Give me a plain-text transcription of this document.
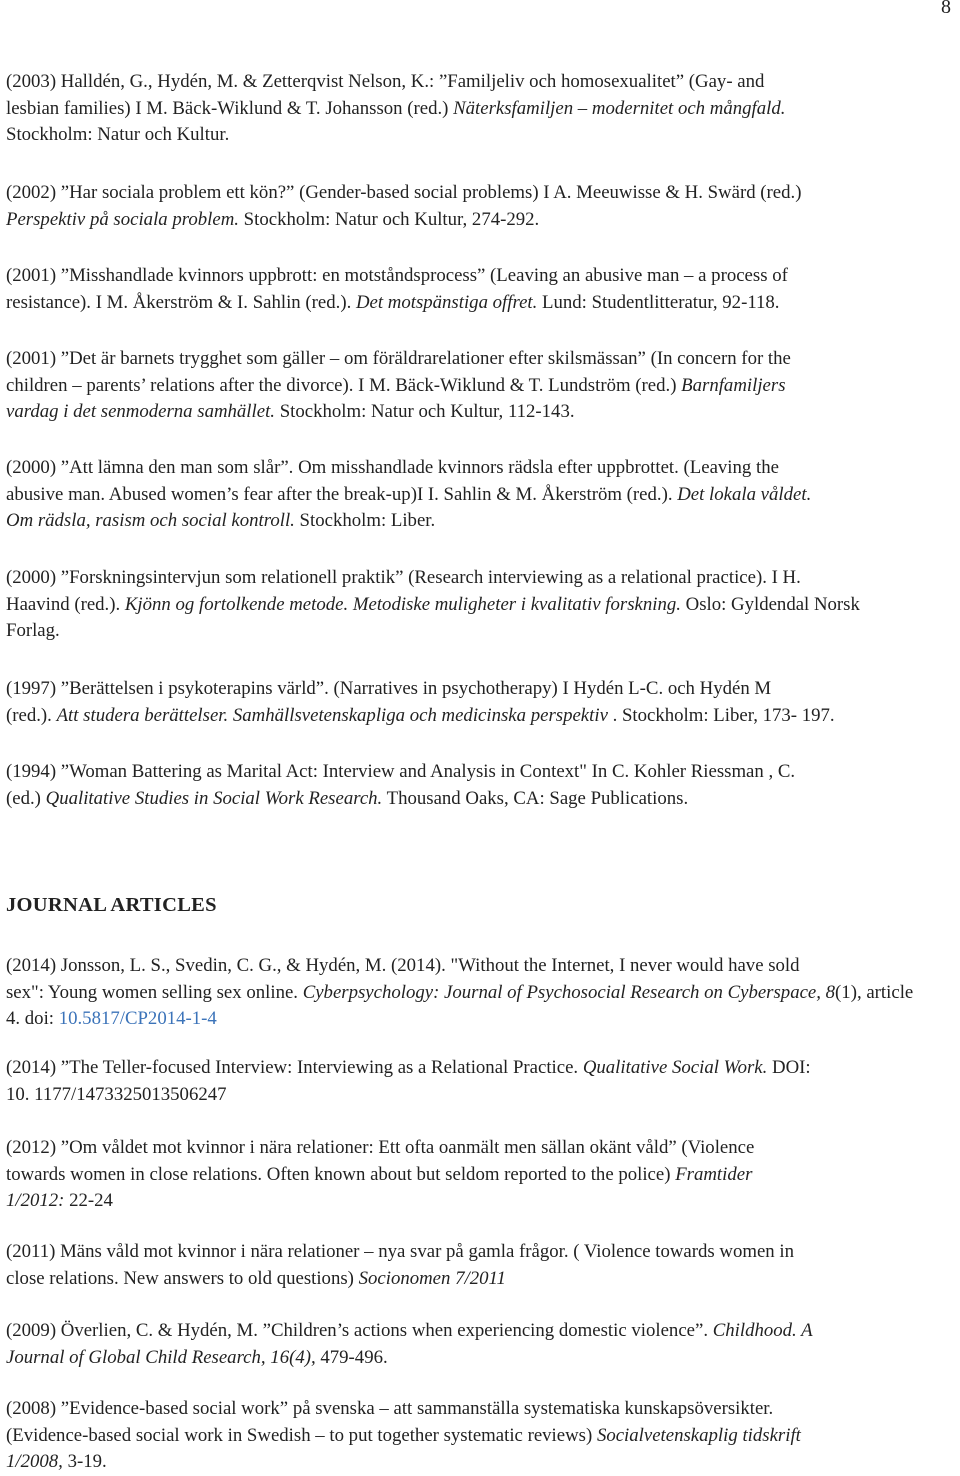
8
(2003) Halldén, G., Hydén, M. & Zetterqvist Nelson, K.: ”Familjeliv och homosexualitet” (Gay- and
lesbian families) I M. Bäck-Wiklund & T. Johansson (red.) Näterksfamiljen – modernitet och mångfald.
Stockholm: Natur och Kultur.
(2002) ”Har sociala problem ett kön?” (Gender-based social problems) I A. Meeuwisse & H. Swärd (red.)
Perspektiv på sociala problem. Stockholm: Natur och Kultur, 274-292.
(2001) ”Misshandlade kvinnors uppbrott: en motståndsprocess” (Leaving an abusive man – a process of
resistance). I M. Åkerström & I. Sahlin (red.). Det motspänstiga offret. Lund: Studentlitteratur, 92-118.
(2001) ”Det är barnets trygghet som gäller – om föräldrarelationer efter skilsmässan” (In concern for the
children – parents’ relations after the divorce). I M. Bäck-Wiklund & T. Lundström (red.) Barnfamiljers
vardag i det senmoderna samhället. Stockholm: Natur och Kultur, 112-143.
(2000) ”Att lämna den man som slår”. Om misshandlade kvinnors rädsla efter uppbrottet. (Leaving the
abusive man. Abused women’s fear after the break-up)I I. Sahlin & M. Åkerström (red.). Det lokala våldet.
Om rädsla, rasism och social kontroll. Stockholm: Liber.
(2000) ”Forskningsintervjun som relationell praktik” (Research interviewing as a relational practice). I H.
Haavind (red.). Kjönn og fortolkende metode. Metodiske muligheter i kvalitativ forskning. Oslo: Gyldendal Norsk
Forlag.
(1997) ”Berättelsen i psykoterapins värld”. (Narratives in psychotherapy) I Hydén L-C. och Hydén M
(red.). Att studera berättelser. Samhällsvetenskapliga och medicinska perspektiv . Stockholm: Liber, 173- 197.
(1994) ”Woman Battering as Marital Act: Interview and Analysis in Context" In C. Kohler Riessman , C.
(ed.) Qualitative Studies in Social Work Research. Thousand Oaks, CA: Sage Publications.
JOURNAL ARTICLES
(2014) Jonsson, L. S., Svedin, C. G., & Hydén, M. (2014). "Without the Internet, I never would have sold
sex": Young women selling sex online. Cyberpsychology: Journal of Psychosocial Research on Cyberspace, 8(1), article
4. doi: 10.5817/CP2014-1-4
(2014) ”The Teller-focused Interview: Interviewing as a Relational Practice. Qualitative Social Work. DOI:
10. 1177/1473325013506247
(2012) ”Om våldet mot kvinnor i nära relationer: Ett ofta oanmält men sällan okänt våld” (Violence
towards women in close relations. Often known about but seldom reported to the police) Framtider
1/2012: 22-24
(2011) Mäns våld mot kvinnor i nära relationer – nya svar på gamla frågor. ( Violence towards women in
close relations. New answers to old questions) Socionomen 7/2011
(2009) Överlien, C. & Hydén, M. ”Children’s actions when experiencing domestic violence”. Childhood. A
Journal of Global Child Research, 16(4), 479-496.
(2008) ”Evidence-based social work” på svenska – att sammanställa systematiska kunskapsöversikter.
(Evidence-based social work in Swedish – to put together systematic reviews) Socialvetenskaplig tidskrift
1/2008, 3-19.
